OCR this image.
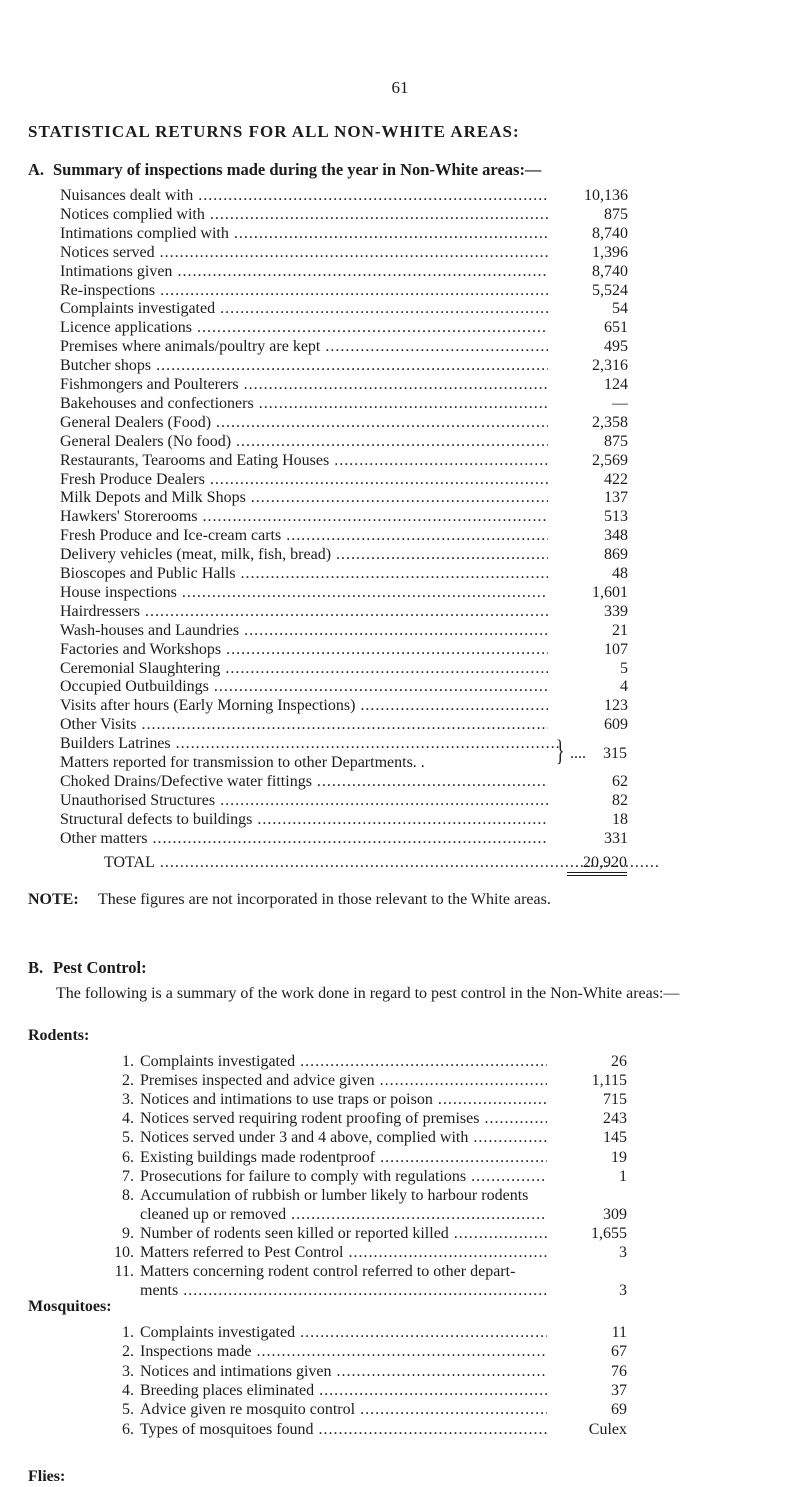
61
STATISTICAL RETURNS FOR ALL NON-WHITE AREAS:
A. Summary of inspections made during the year in Non-White areas:—
Nuisances dealt with .....	10,136
Notices complied with .....	875
Intimations complied with .....	8,740
Notices served .....	1,396
Intimations given .....	8,740
Re-inspections .....	5,524
Complaints investigated .....	54
Licence applications .....	651
Premises where animals/poultry are kept .....	495
Butcher shops .....	2,316
Fishmongers and Poulterers .....	124
Bakehouses and confectioners .....	—
General Dealers (Food) .....	2,358
General Dealers (No food) .....	875
Restaurants, Tearooms and Eating Houses .....	2,569
Fresh Produce Dealers .....	422
Milk Depots and Milk Shops .....	137
Hawkers' Storerooms .....	513
Fresh Produce and Ice-cream carts .....	348
Delivery vehicles (meat, milk, fish, bread) .....	869
Bioscopes and Public Halls .....	48
House inspections .....	1,601
Hairdressers .....	339
Wash-houses and Laundries .....	21
Factories and Workshops .....	107
Ceremonial Slaughtering .....	5
Occupied Outbuildings .....	4
Visits after hours (Early Morning Inspections) .....	123
Other Visits .....	609
Builders Latrines .....
Matters reported for transmission to other Departments. .	} .... 315
Choked Drains/Defective water fittings .....	62
Unauthorised Structures .....	82
Structural defects to buildings .....	18
Other matters .....	331
TOTAL .....	20,920
NOTE: These figures are not incorporated in those relevant to the White areas.
B. Pest Control:
The following is a summary of the work done in regard to pest control in the Non-White areas:—
Rodents:
1. Complaints investigated .....	26
2. Premises inspected and advice given .....	1,115
3. Notices and intimations to use traps or poison .....	715
4. Notices served requiring rodent proofing of premises .....	243
5. Notices served under 3 and 4 above, complied with .....	145
6. Existing buildings made rodentproof .....	19
7. Prosecutions for failure to comply with regulations .....	1
8. Accumulation of rubbish or lumber likely to harbour rodents
cleaned up or removed .....	309
9. Number of rodents seen killed or reported killed .....	1,655
10. Matters referred to Pest Control .....	3
11. Matters concerning rodent control referred to other depart-
ments .....	3
Mosquitoes:
1. Complaints investigated .....	11
2. Inspections made .....	67
3. Notices and intimations given .....	76
4. Breeding places eliminated .....	37
5. Advice given re mosquito control .....	69
6. Types of mosquitoes found .....	Culex
Flies:
